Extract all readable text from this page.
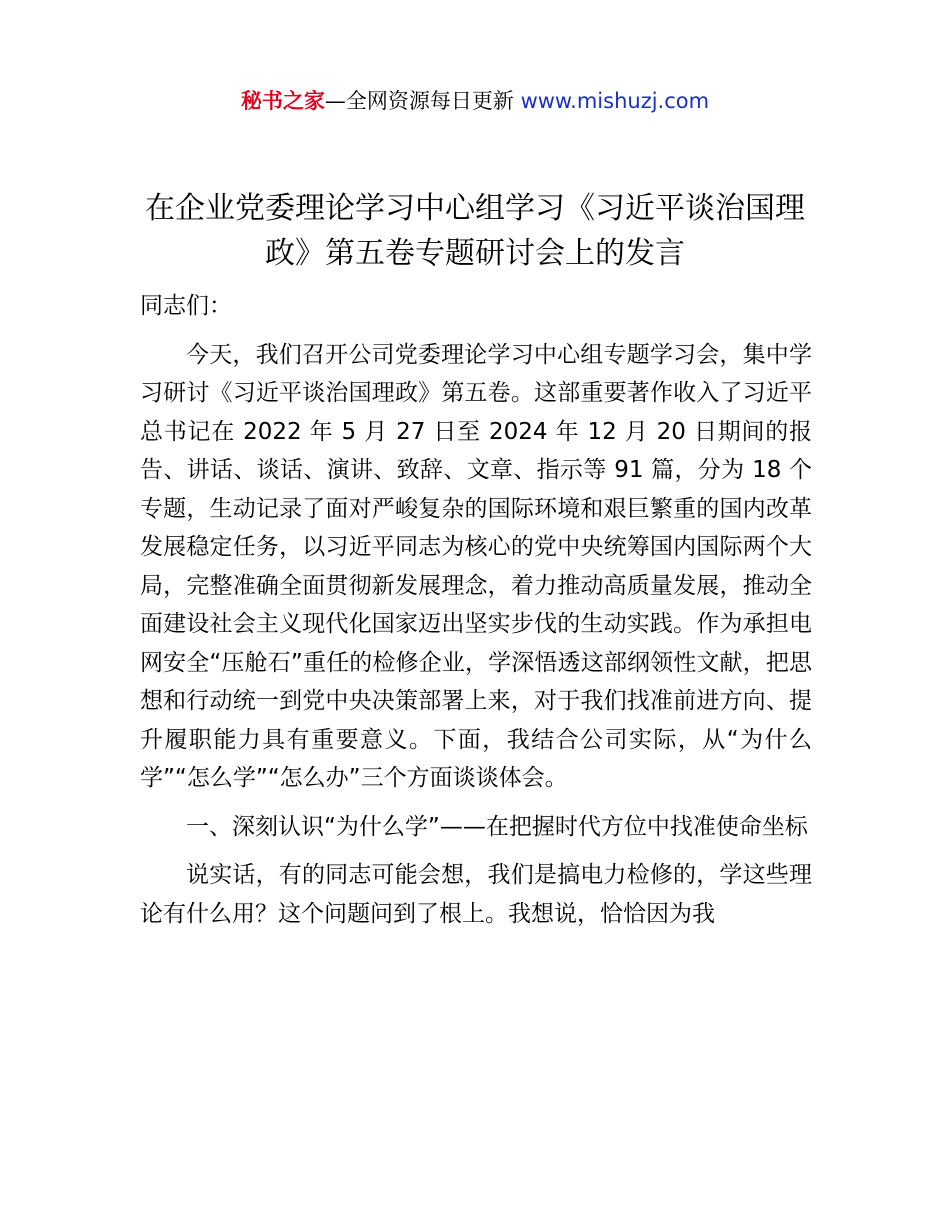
秘书之家—全网资源每日更新 www.mishuzj.com
在企业党委理论学习中心组学习《习近平谈治国理政》第五卷专题研讨会上的发言

同志们：

今天，我们召开公司党委理论学习中心组专题学习会，集中学习研讨《习近平谈治国理政》第五卷。这部重要著作收入了习近平总书记在 2022 年 5 月 27 日至 2024 年 12 月 20 日期间的报告、讲话、谈话、演讲、致辞、文章、指示等 91 篇，分为 18 个专题，生动记录了面对严峻复杂的国际环境和艰巨繁重的国内改革发展稳定任务，以习近平同志为核心的党中央统筹国内国际两个大局，完整准确全面贯彻新发展理念，着力推动高质量发展，推动全面建设社会主义现代化国家迈出坚实步伐的生动实践。作为承担电网安全“压舱石”重任的检修企业，学深悟透这部纲领性文献，把思想和行动统一到党中央决策部署上来，对于我们找准前进方向、提升履职能力具有重要意义。下面，我结合公司实际，从“为什么学”“怎么学”“怎么办”三个方面谈谈体会。

一、深刻认识“为什么学”——在把握时代方位中找准使命坐标

说实话，有的同志可能会想，我们是搞电力检修的，学这些理论有什么用？这个问题问到了根上。我想说，恰恰因为我
